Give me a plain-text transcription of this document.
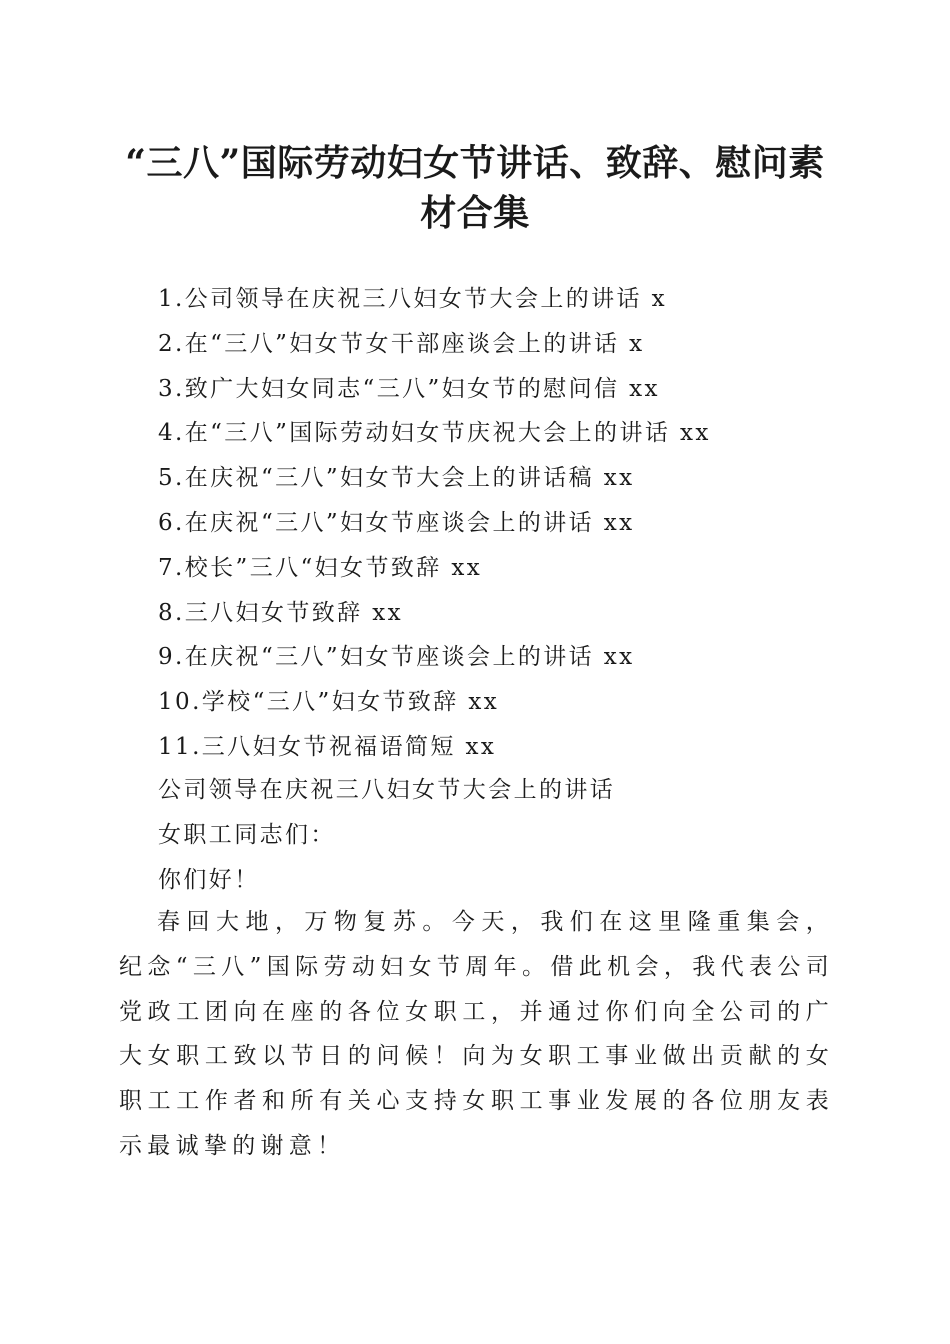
“三八”国际劳动妇女节讲话、致辞、慰问素材合集
1.公司领导在庆祝三八妇女节大会上的讲话 x
2.在“三八”妇女节女干部座谈会上的讲话 x
3.致广大妇女同志“三八”妇女节的慰问信 xx
4.在“三八”国际劳动妇女节庆祝大会上的讲话 xx
5.在庆祝“三八”妇女节大会上的讲话稿 xx
6.在庆祝“三八”妇女节座谈会上的讲话 xx
7.校长”三八“妇女节致辞 xx
8.三八妇女节致辞 xx
9.在庆祝“三八”妇女节座谈会上的讲话 xx
10.学校“三八”妇女节致辞 xx
11.三八妇女节祝福语简短 xx
公司领导在庆祝三八妇女节大会上的讲话
女职工同志们：
你们好！

春回大地，万物复苏。今天，我们在这里隆重集会，纪念“三八”国际劳动妇女节周年。借此机会，我代表公司党政工团向在座的各位女职工，并通过你们向全公司的广大女职工致以节日的问候！向为女职工事业做出贡献的女职工工作者和所有关心支持女职工事业发展的各位朋友表示最诚挚的谢意！
